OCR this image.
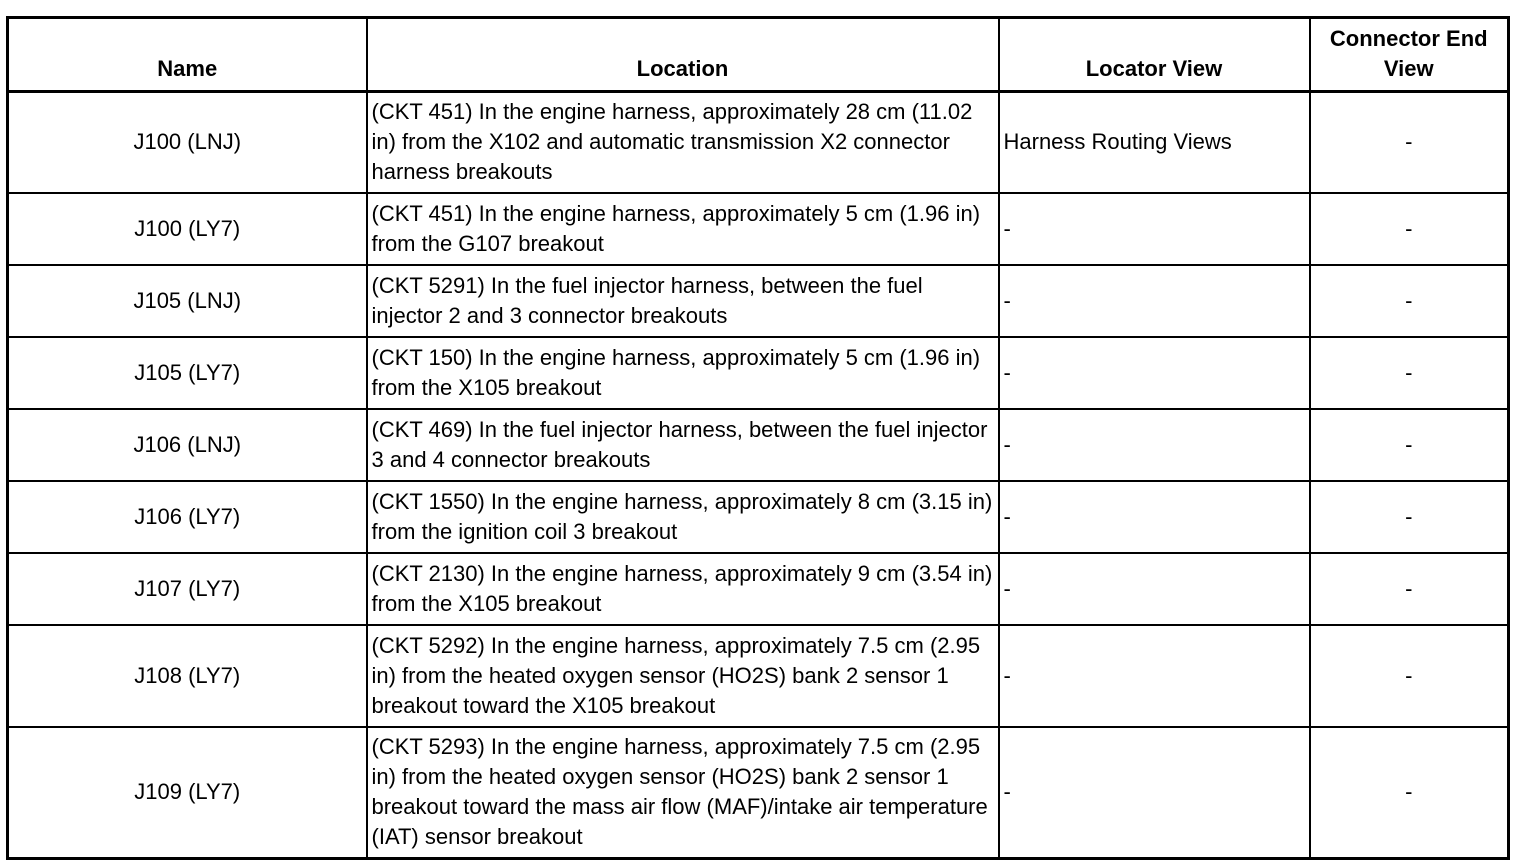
Name	Location	Locator View	Connector End View
J100 (LNJ)	(CKT 451) In the engine harness, approximately 28 cm (11.02 in) from the X102 and automatic transmission X2 connector harness breakouts	Harness Routing Views	-
J100 (LY7)	(CKT 451) In the engine harness, approximately 5 cm (1.96 in) from the G107 breakout	-	-
J105 (LNJ)	(CKT 5291) In the fuel injector harness, between the fuel injector 2 and 3 connector breakouts	-	-
J105 (LY7)	(CKT 150) In the engine harness, approximately 5 cm (1.96 in) from the X105 breakout	-	-
J106 (LNJ)	(CKT 469) In the fuel injector harness, between the fuel injector 3 and 4 connector breakouts	-	-
J106 (LY7)	(CKT 1550) In the engine harness, approximately 8 cm (3.15 in) from the ignition coil 3 breakout	-	-
J107 (LY7)	(CKT 2130) In the engine harness, approximately 9 cm (3.54 in) from the X105 breakout	-	-
J108 (LY7)	(CKT 5292) In the engine harness, approximately 7.5 cm (2.95 in) from the heated oxygen sensor (HO2S) bank 2 sensor 1 breakout toward the X105 breakout	-	-
J109 (LY7)	(CKT 5293) In the engine harness, approximately 7.5 cm (2.95 in) from the heated oxygen sensor (HO2S) bank 2 sensor 1 breakout toward the mass air flow (MAF)/intake air temperature (IAT) sensor breakout	-	-
